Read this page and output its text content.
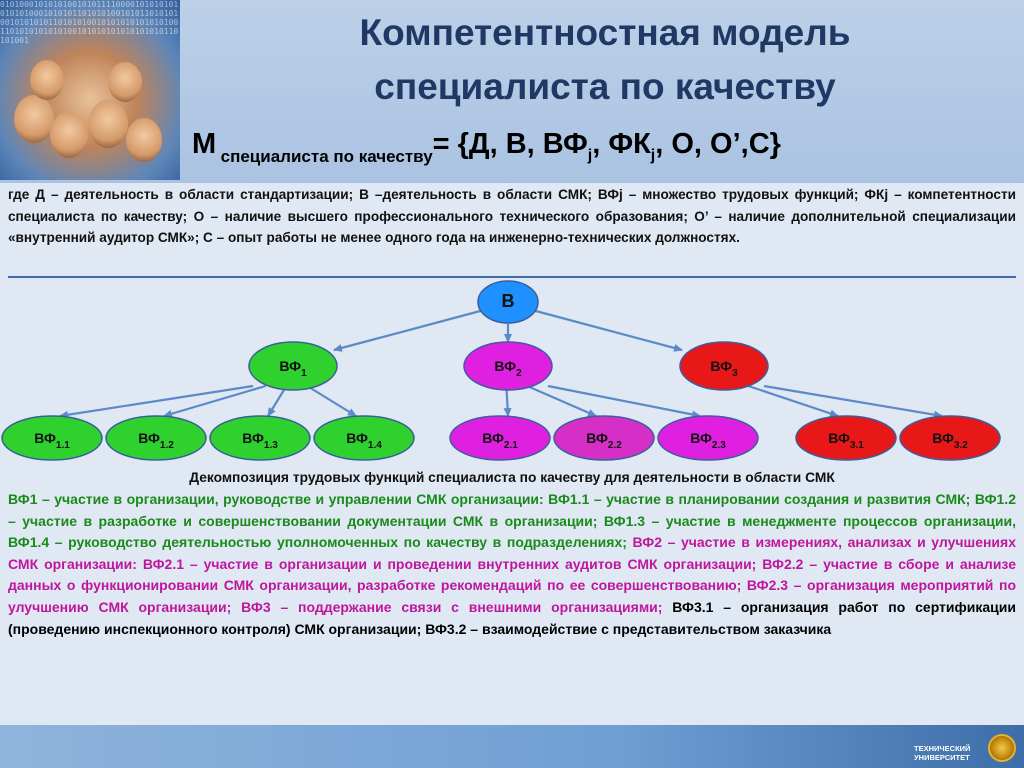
0101000101010100101011110000101010101010101000101010110101010010101101010100101010101101010100101010101010101001101010101010100101010101010101010110101001	Компетентностная модель
специалиста по качеству
М специалиста по качеству= {Д, В, ВФj, ФКj, О, О’,С}
где Д – деятельность в области стандартизации; В –деятельность в области СМК; ВФj – множество трудовых функций; ФКj – компетентности специалиста по качеству; О – наличие высшего профессионального технического образования; О’ – наличие дополнительной специализации «внутренний аудитор СМК»; С – опыт работы не менее одного года на инженерно-технических должностях.
В
$ВФ_1$	$ВФ_2$	$ВФ_3$
$ВФ_{1.1}$	$ВФ_{1.2}$	$ВФ_{1.3}$	$ВФ_{1.4}$	$ВФ_{2.1}$	$ВФ_{2.2}$	$ВФ_{2.3}$	$ВФ_{3.1}$	$ВФ_{3.2}$
Декомпозиция трудовых функций специалиста по качеству для деятельности в области СМК
ВФ1 – участие в организации, руководстве и управлении СМК организации: ВФ1.1 – участие в планировании создания и развития СМК; ВФ1.2 – участие в разработке и совершенствовании документации СМК в организации; ВФ1.3 – участие в менеджменте процессов организации, ВФ1.4 – руководство деятельностью уполномоченных по качеству в подразделениях; ВФ2 – участие в измерениях, анализах и улучшениях СМК организации: ВФ2.1 – участие в организации и проведении внутренних аудитов СМК организации; ВФ2.2 – участие в сборе и анализе данных о функционировании СМК организации, разработке рекомендаций по ее совершенствованию; ВФ2.3 – организация мероприятий по улучшению СМК организации; ВФ3 – поддержание связи с внешними организациями; ВФ3.1 – организация работ по сертификации (проведению инспекционного контроля) СМК организации; ВФ3.2 – взаимодействие с представительством заказчика
ТЕХНИЧЕСКИЙ УНИВЕРСИТЕТ
